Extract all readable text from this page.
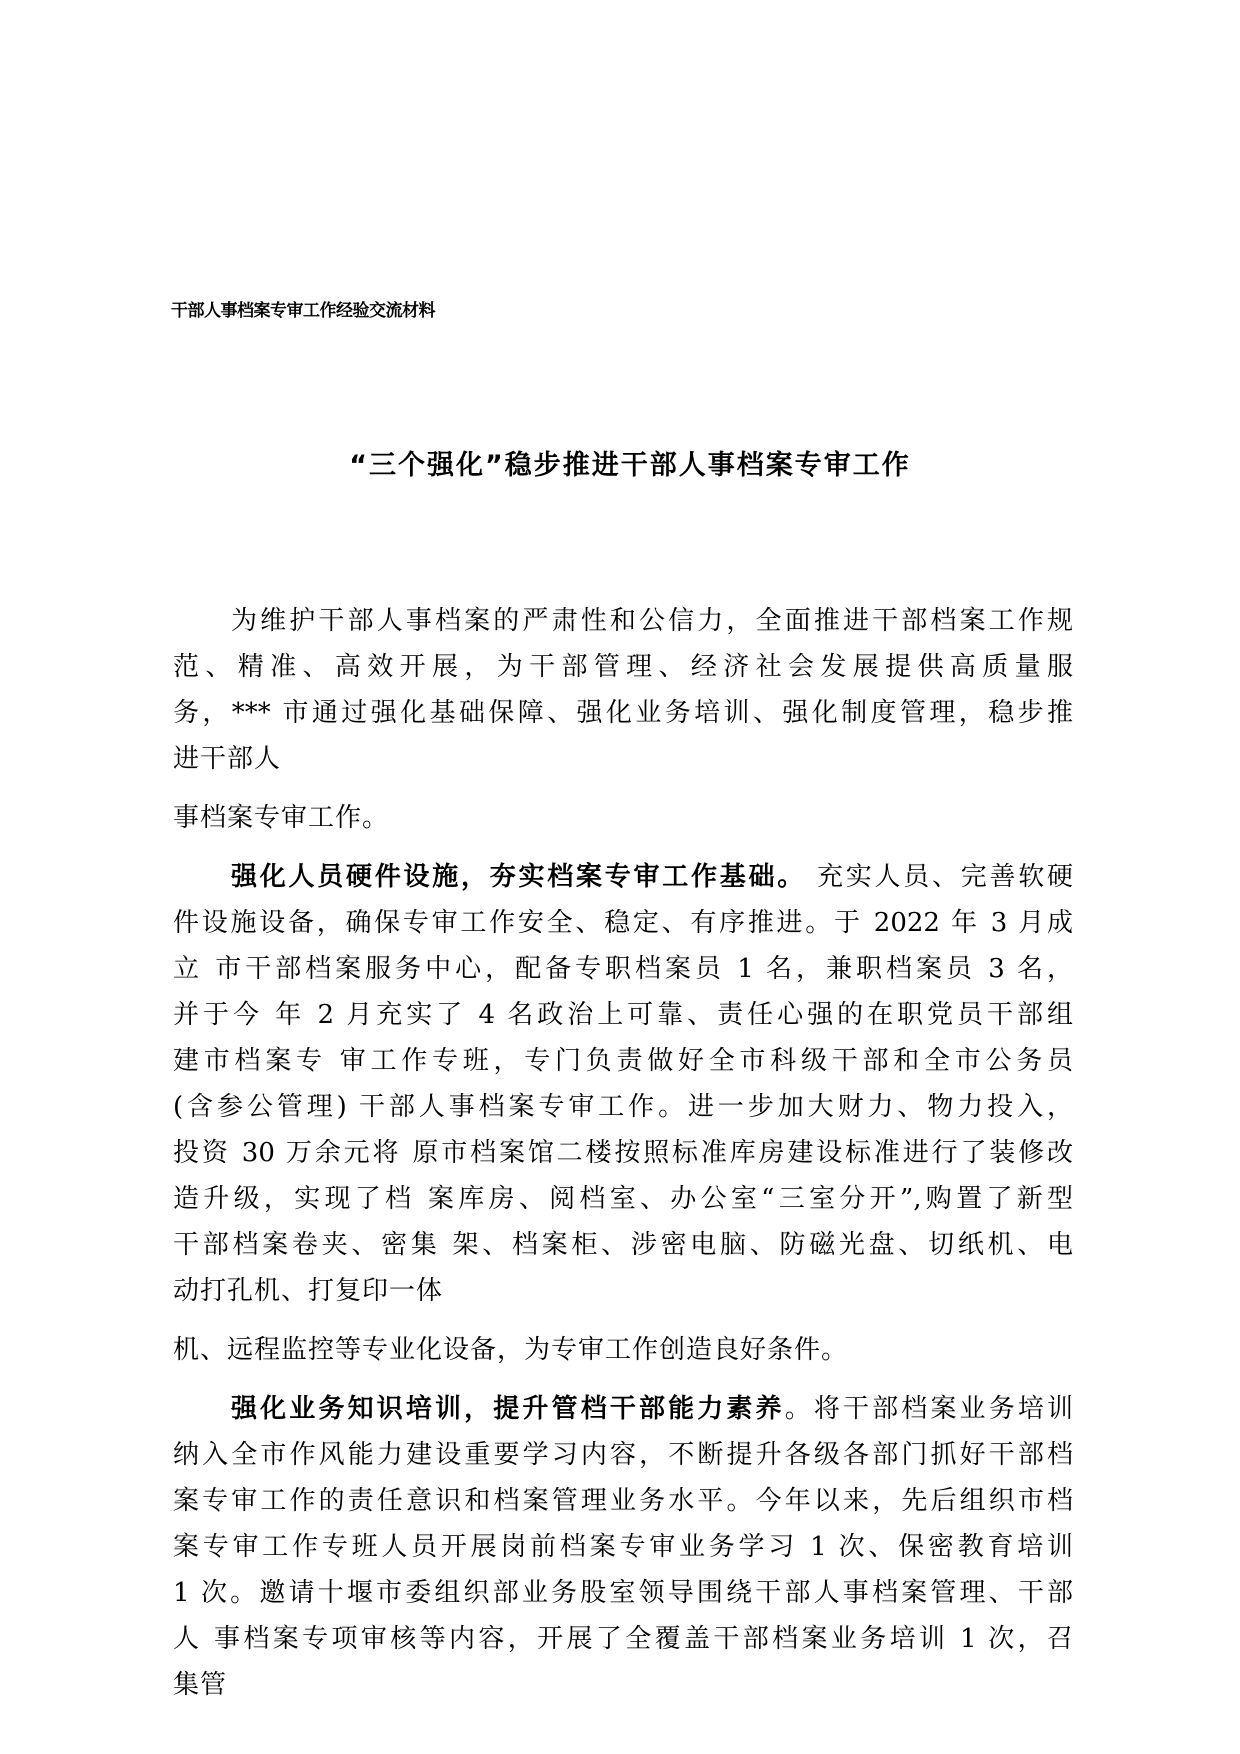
干部人事档案专审工作经验交流材料
“三个强化”稳步推进干部人事档案专审工作
为维护干部人事档案的严肃性和公信力，全面推进干部档案工作规
范、精准、高效开展，为干部管理、经济社会发展提供高质量服
务，*** 市通过强化基础保障、强化业务培训、强化制度管理，稳步推
进干部人
事档案专审工作。
强化人员硬件设施，夯实档案专审工作基础。 充实人员、完善软硬
件设施设备，确保专审工作安全、稳定、有序推进。于 2022 年 3 月成
立 市干部档案服务中心，配备专职档案员 1 名，兼职档案员 3 名，
并于今 年 2 月充实了 4 名政治上可靠、责任心强的在职党员干部组
建市档案专 审工作专班，专门负责做好全市科级干部和全市公务员
(含参公管理) 干部人事档案专审工作。进一步加大财力、物力投入，
投资 30 万余元将 原市档案馆二楼按照标准库房建设标准进行了装修改
造升级，实现了档 案库房、阅档室、办公室“三室分开”,购置了新型
干部档案卷夹、密集 架、档案柜、涉密电脑、防磁光盘、切纸机、电
动打孔机、打复印一体
机、远程监控等专业化设备，为专审工作创造良好条件。
强化业务知识培训，提升管档干部能力素养。将干部档案业务培训
纳入全市作风能力建设重要学习内容，不断提升各级各部门抓好干部档
案专审工作的责任意识和档案管理业务水平。今年以来，先后组织市档
案专审工作专班人员开展岗前档案专审业务学习 1 次、保密教育培训
1 次。邀请十堰市委组织部业务股室领导围绕干部人事档案管理、干部
人 事档案专项审核等内容，开展了全覆盖干部档案业务培训 1 次，召
集管
